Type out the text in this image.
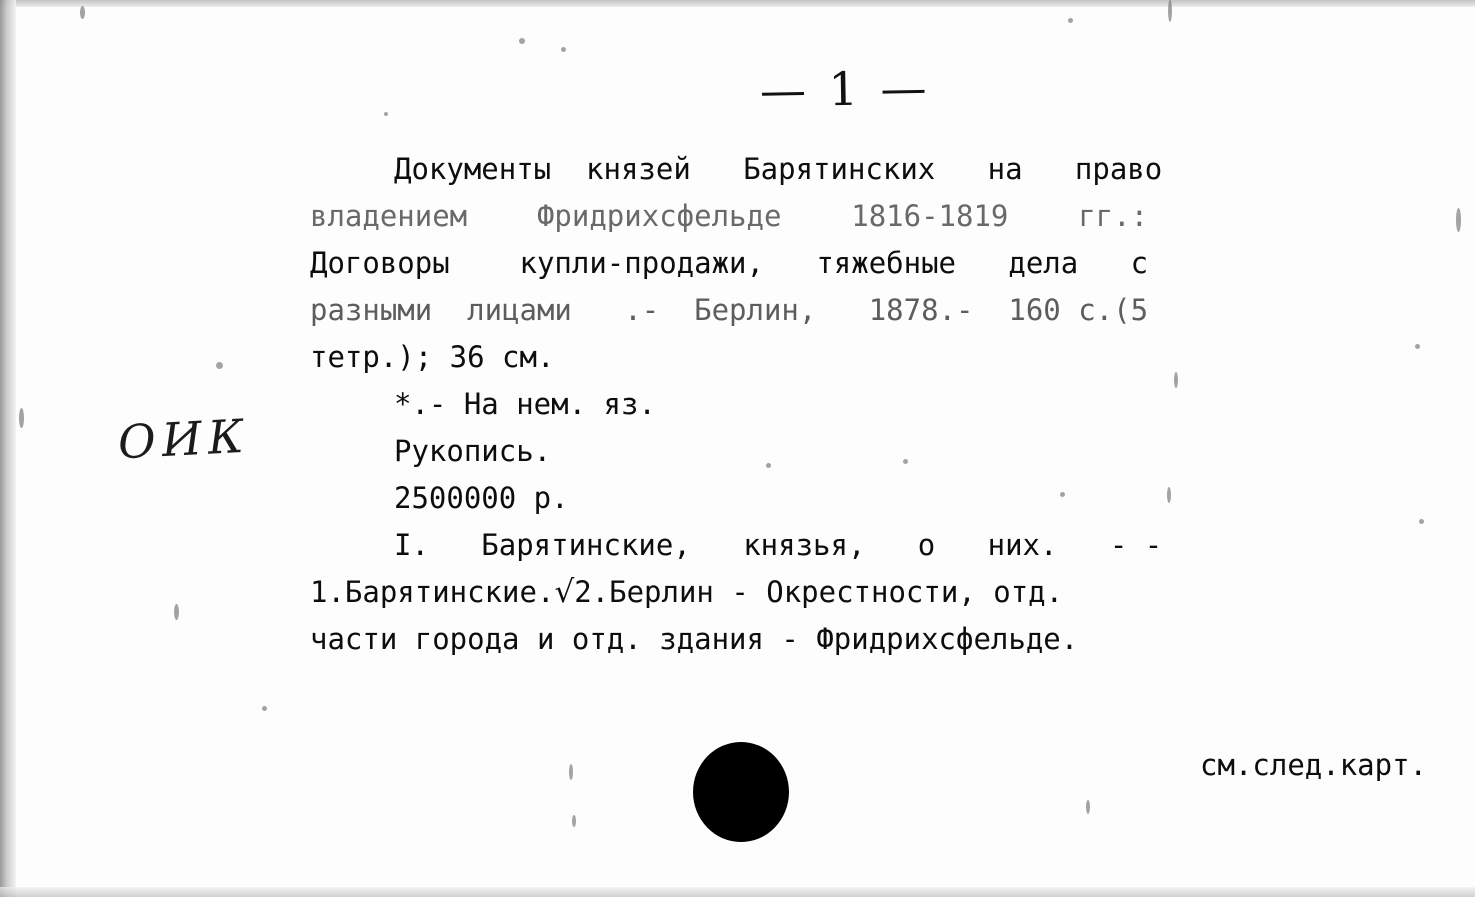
— 1 —
ОИК
Документы  князей   Барятинских   на   право
владением    Фридрихсфельде    1816-1819    гг.:
Договоры    купли-продажи,   тяжебные   дела   с
разными  лицами   .-  Берлин,   1878.-  160 с.(5
тетр.); 36 см.
*.- На нем. яз.
Рукопись.
2500000 р.
I.   Барятинские,   князья,   о   них.   - -
1.Барятинские.√2.Берлин - Окрестности, отд.
части города и отд. здания - Фридрихсфельде.
см.след.карт.
